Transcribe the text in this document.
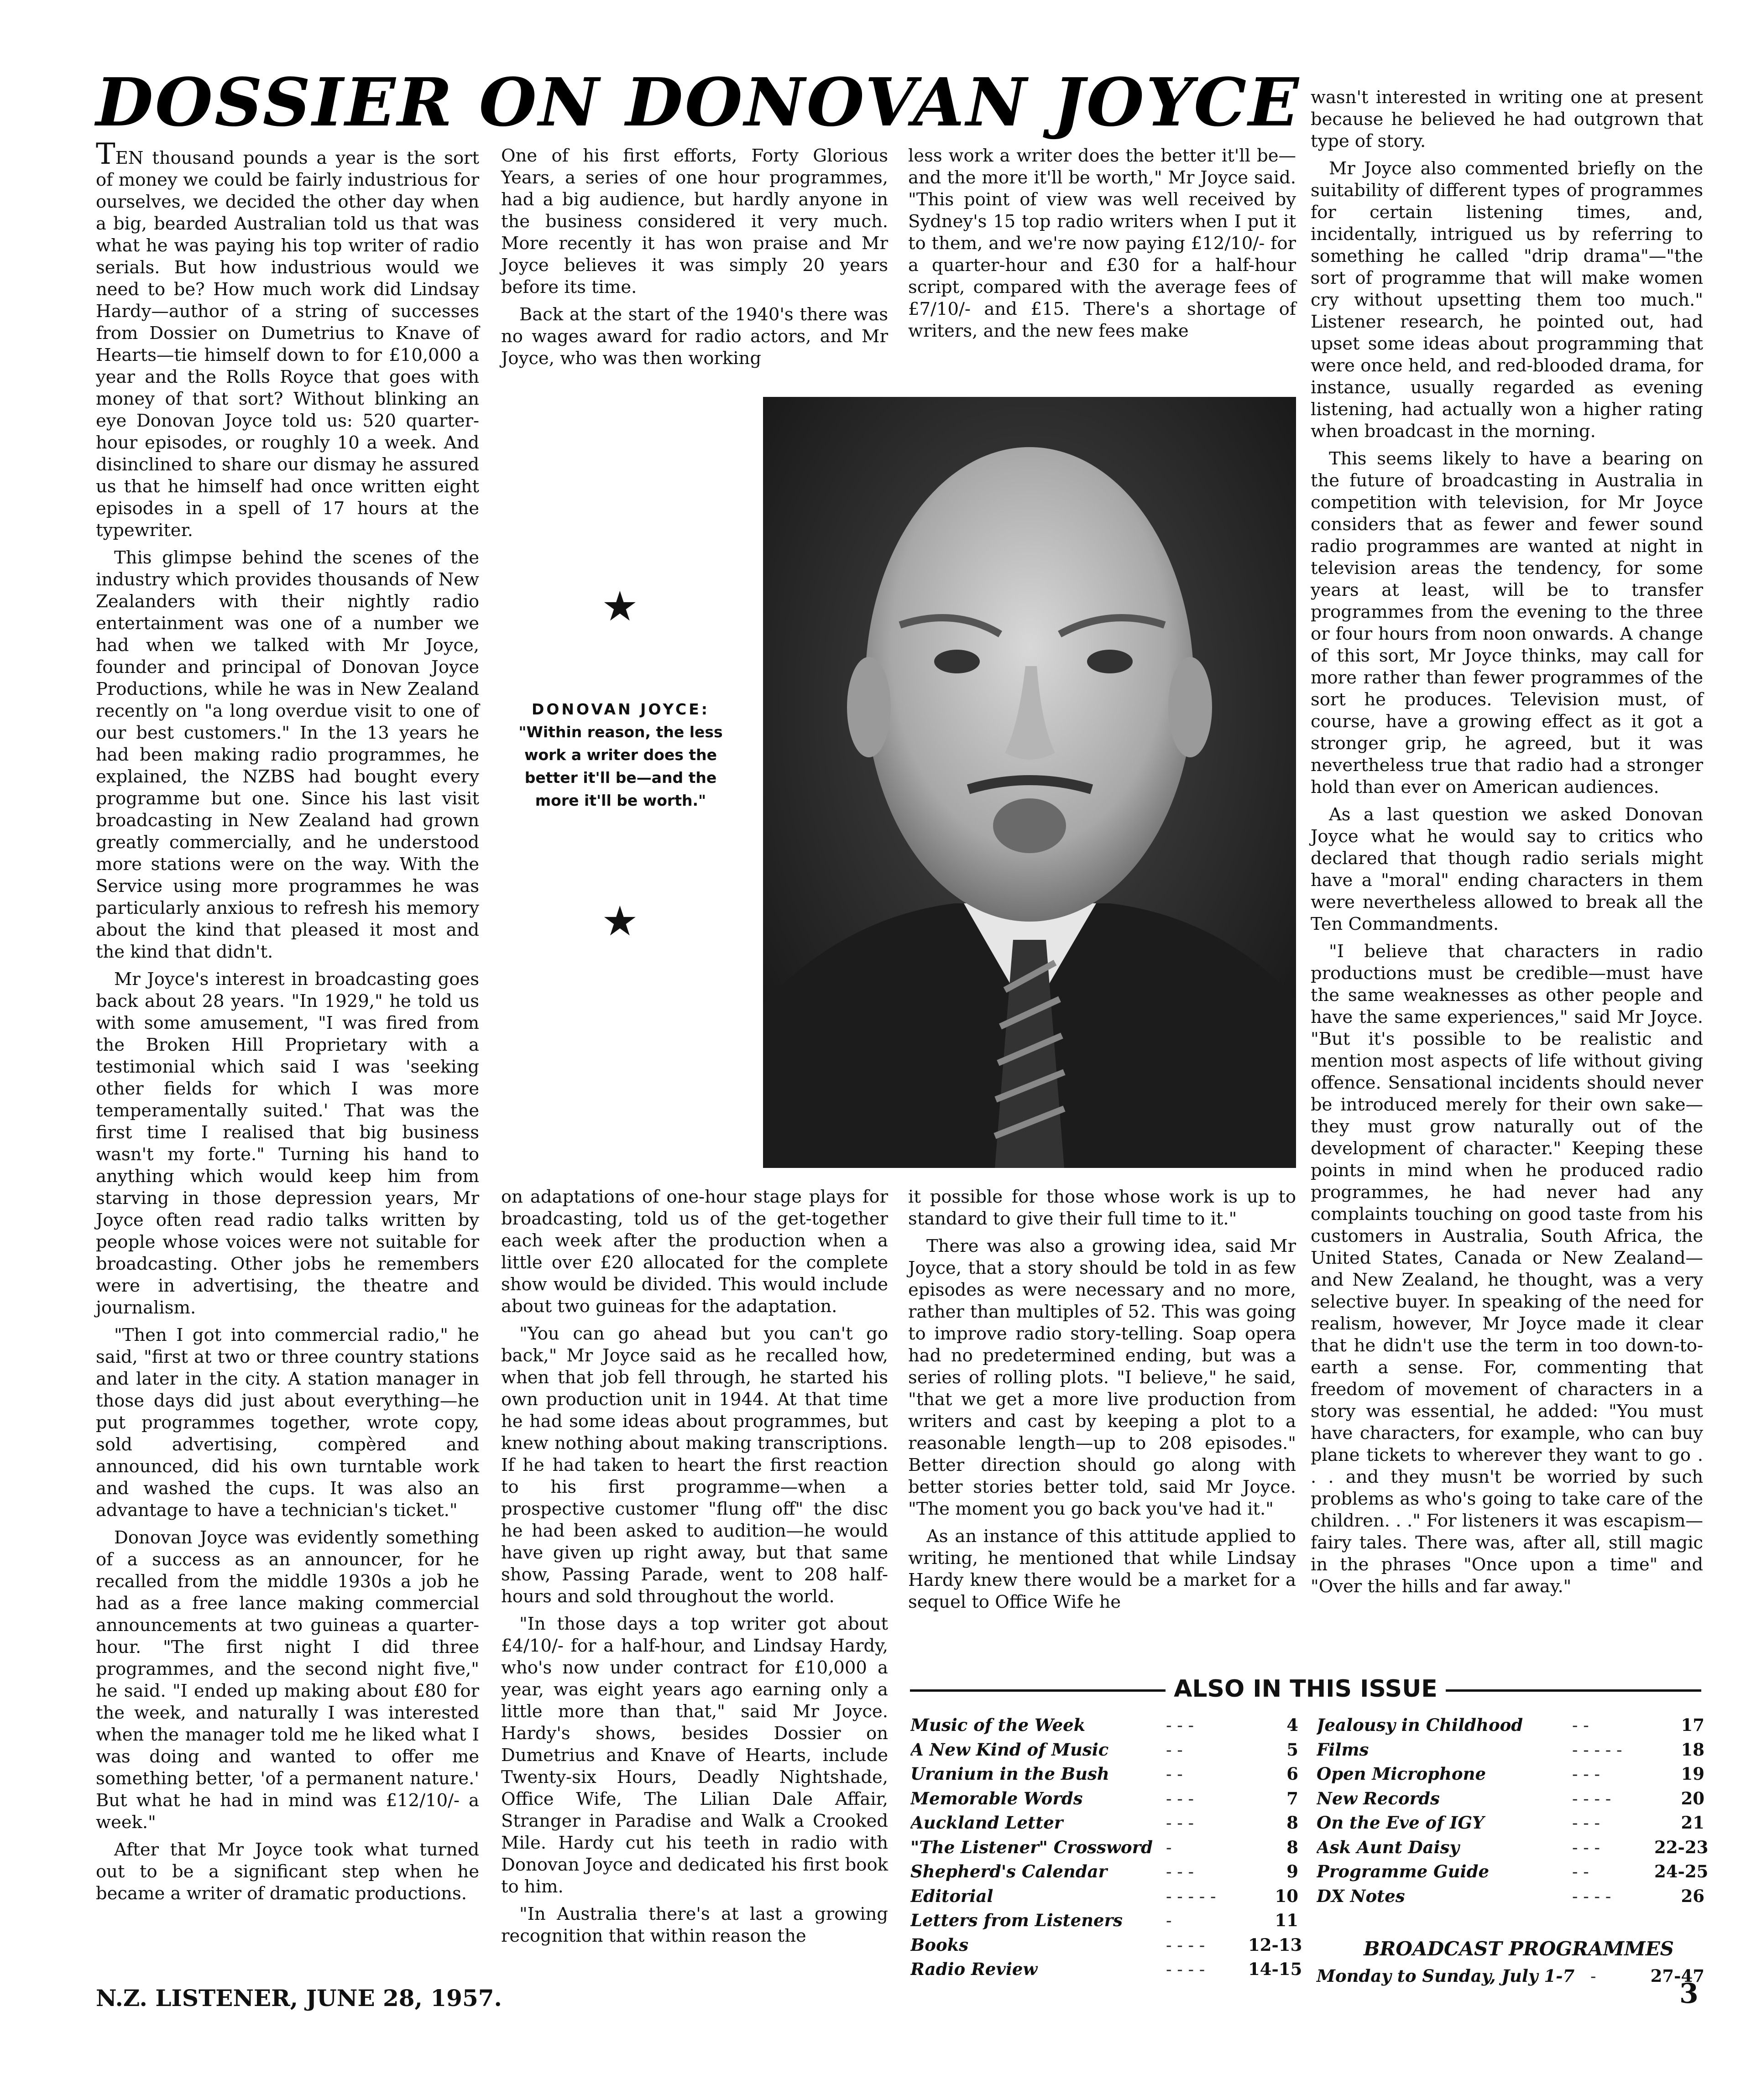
DOSSIER ON DONOVAN JOYCE

TEN thousand pounds a year is the sort of money we could be fairly industrious for ourselves, we decided the other day when a big, bearded Australian told us that was what he was paying his top writer of radio serials. But how industrious would we need to be? How much work did Lindsay Hardy—author of a string of successes from Dossier on Dumetrius to Knave of Hearts—tie himself down to for £10,000 a year and the Rolls Royce that goes with money of that sort? Without blinking an eye Donovan Joyce told us: 520 quarter-hour episodes, or roughly 10 a week. And disinclined to share our dismay he assured us that he himself had once written eight episodes in a spell of 17 hours at the typewriter.

This glimpse behind the scenes of the industry which provides thousands of New Zealanders with their nightly radio entertainment was one of a number we had when we talked with Mr Joyce, founder and principal of Donovan Joyce Productions, while he was in New Zealand recently on "a long overdue visit to one of our best customers." In the 13 years he had been making radio programmes, he explained, the NZBS had bought every programme but one. Since his last visit broadcasting in New Zealand had grown greatly commercially, and he understood more stations were on the way. With the Service using more programmes he was particularly anxious to refresh his memory about the kind that pleased it most and the kind that didn't.

Mr Joyce's interest in broadcasting goes back about 28 years. "In 1929," he told us with some amusement, "I was fired from the Broken Hill Proprietary with a testimonial which said I was 'seeking other fields for which I was more temperamentally suited.' That was the first time I realised that big business wasn't my forte." Turning his hand to anything which would keep him from starving in those depression years, Mr Joyce often read radio talks written by people whose voices were not suitable for broadcasting. Other jobs he remembers were in advertising, the theatre and journalism.

"Then I got into commercial radio," he said, "first at two or three country stations and later in the city. A station manager in those days did just about everything—he put programmes together, wrote copy, sold advertising, compèred and announced, did his own turntable work and washed the cups. It was also an advantage to have a technician's ticket."

Donovan Joyce was evidently something of a success as an announcer, for he recalled from the middle 1930s a job he had as a free lance making commercial announcements at two guineas a quarter-hour. "The first night I did three programmes, and the second night five," he said. "I ended up making about £80 for the week, and naturally I was interested when the manager told me he liked what I was doing and wanted to offer me something better, 'of a permanent nature.' But what he had in mind was £12/10/- a week."

After that Mr Joyce took what turned out to be a significant step when he became a writer of dramatic productions.

One of his first efforts, Forty Glorious Years, a series of one hour programmes, had a big audience, but hardly anyone in the business considered it very much. More recently it has won praise and Mr Joyce believes it was simply 20 years before its time.

Back at the start of the 1940's there was no wages award for radio actors, and Mr Joyce, who was then working

less work a writer does the better it'll be—and the more it'll be worth," Mr Joyce said. "This point of view was well received by Sydney's 15 top radio writers when I put it to them, and we're now paying £12/10/- for a quarter-hour and £30 for a half-hour script, compared with the average fees of £7/10/- and £15. There's a shortage of writers, and the new fees make

★
DONOVAN JOYCE:
"Within reason, the less work a writer does the better it'll be—and the more it'll be worth."
★

on adaptations of one-hour stage plays for broadcasting, told us of the get-together each week after the production when a little over £20 allocated for the complete show would be divided. This would include about two guineas for the adaptation.

"You can go ahead but you can't go back," Mr Joyce said as he recalled how, when that job fell through, he started his own production unit in 1944. At that time he had some ideas about programmes, but knew nothing about making transcriptions. If he had taken to heart the first reaction to his first programme—when a prospective customer "flung off" the disc he had been asked to audition—he would have given up right away, but that same show, Passing Parade, went to 208 half-hours and sold throughout the world.

"In those days a top writer got about £4/10/- for a half-hour, and Lindsay Hardy, who's now under contract for £10,000 a year, was eight years ago earning only a little more than that," said Mr Joyce. Hardy's shows, besides Dossier on Dumetrius and Knave of Hearts, include Twenty-six Hours, Deadly Nightshade, Office Wife, The Lilian Dale Affair, Stranger in Paradise and Walk a Crooked Mile. Hardy cut his teeth in radio with Donovan Joyce and dedicated his first book to him.

"In Australia there's at last a growing recognition that within reason the

it possible for those whose work is up to standard to give their full time to it."

There was also a growing idea, said Mr Joyce, that a story should be told in as few episodes as were necessary and no more, rather than multiples of 52. This was going to improve radio story-telling. Soap opera had no predetermined ending, but was a series of rolling plots. "I believe," he said, "that we get a more live production from writers and cast by keeping a plot to a reasonable length—up to 208 episodes." Better direction should go along with better stories better told, said Mr Joyce. "The moment you go back you've had it."

As an instance of this attitude applied to writing, he mentioned that while Lindsay Hardy knew there would be a market for a sequel to Office Wife he

wasn't interested in writing one at present because he believed he had outgrown that type of story.

Mr Joyce also commented briefly on the suitability of different types of programmes for certain listening times, and, incidentally, intrigued us by referring to something he called "drip drama"—"the sort of programme that will make women cry without upsetting them too much." Listener research, he pointed out, had upset some ideas about programming that were once held, and red-blooded drama, for instance, usually regarded as evening listening, had actually won a higher rating when broadcast in the morning.

This seems likely to have a bearing on the future of broadcasting in Australia in competition with television, for Mr Joyce considers that as fewer and fewer sound radio programmes are wanted at night in television areas the tendency, for some years at least, will be to transfer programmes from the evening to the three or four hours from noon onwards. A change of this sort, Mr Joyce thinks, may call for more rather than fewer programmes of the sort he produces. Television must, of course, have a growing effect as it got a stronger grip, he agreed, but it was nevertheless true that radio had a stronger hold than ever on American audiences.

As a last question we asked Donovan Joyce what he would say to critics who declared that though radio serials might have a "moral" ending characters in them were nevertheless allowed to break all the Ten Commandments.

"I believe that characters in radio productions must be credible—must have the same weaknesses as other people and have the same experiences," said Mr Joyce. "But it's possible to be realistic and mention most aspects of life without giving offence. Sensational incidents should never be introduced merely for their own sake—they must grow naturally out of the development of character." Keeping these points in mind when he produced radio programmes, he had never had any complaints touching on good taste from his customers in Australia, South Africa, the United States, Canada or New Zealand—and New Zealand, he thought, was a very selective buyer. In speaking of the need for realism, however, Mr Joyce made it clear that he didn't use the term in too down-to-earth a sense. For, commenting that freedom of movement of characters in a story was essential, he added: "You must have characters, for example, who can buy plane tickets to wherever they want to go . . . and they musn't be worried by such problems as who's going to take care of the children. . ." For listeners it was escapism—fairy tales. There was, after all, still magic in the phrases "Once upon a time" and "Over the hills and far away."

ALSO IN THIS ISSUE
Music of the Week	- - -	4
A New Kind of Music	- -	5
Uranium in the Bush	- -	6
Memorable Words	- - -	7
Auckland Letter	- - -	8
"The Listener" Crossword -	8
Shepherd's Calendar	- - -	9
Editorial	- - - - -	10
Letters from Listeners	-	11
Books	- - - -	12-13
Radio Review	- - - -	14-15
Jealousy in Childhood	- -	17
Films	- - - - -	18
Open Microphone	- - -	19
New Records	- - - -	20
On the Eve of IGY	- - -	21
Ask Aunt Daisy	- - -	22-23
Programme Guide	- -	24-25
DX Notes	- - - -	26
BROADCAST PROGRAMMES
Monday to Sunday, July 1-7 -	27-47
N.Z. LISTENER, JUNE 28, 1957.	3
